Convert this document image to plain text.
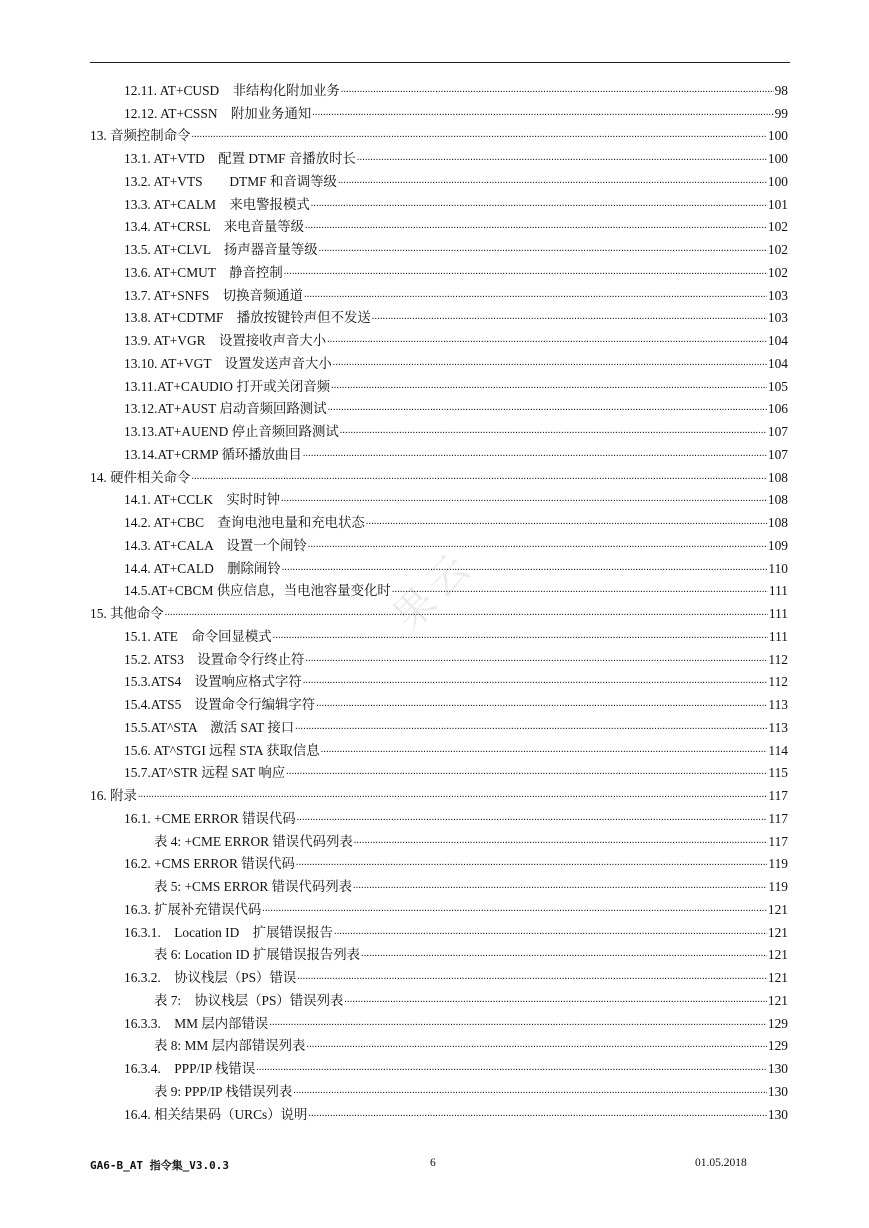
果云
12.11. AT+CUSD　非结构化附加业务 .....	98
12.12. AT+CSSN　附加业务通知 .....	99
13. 音频控制命令 .....	100
13.1. AT+VTD　配置 DTMF 音播放时长 .....	100
13.2. AT+VTS　　DTMF 和音调等级 .....	100
13.3. AT+CALM　来电警报模式 .....	101
13.4. AT+CRSL　来电音量等级 .....	102
13.5. AT+CLVL　扬声器音量等级 .....	102
13.6. AT+CMUT　静音控制 .....	102
13.7. AT+SNFS　切换音频通道 .....	103
13.8. AT+CDTMF　播放按键铃声但不发送 .....	103
13.9. AT+VGR　设置接收声音大小 .....	104
13.10. AT+VGT　设置发送声音大小 .....	104
13.11.AT+CAUDIO 打开或关闭音频 .....	105
13.12.AT+AUST 启动音频回路测试 .....	106
13.13.AT+AUEND 停止音频回路测试 .....	107
13.14.AT+CRMP 循环播放曲目 .....	107
14. 硬件相关命令 .....	108
14.1. AT+CCLK　实时时钟 .....	108
14.2. AT+CBC　查询电池电量和充电状态 .....	108
14.3. AT+CALA　设置一个闹铃 .....	109
14.4. AT+CALD　删除闹铃 .....	110
14.5.AT+CBCM 供应信息，当电池容量变化时 .....	111
15. 其他命令 .....	111
15.1. ATE　命令回显模式 .....	111
15.2. ATS3　设置命令行终止符 .....	112
15.3.ATS4　设置响应格式字符 .....	112
15.4.ATS5　设置命令行编辑字符 .....	113
15.5.AT^STA　激活 SAT 接口 .....	113
15.6. AT^STGI 远程 STA 获取信息 .....	114
15.7.AT^STR 远程 SAT 响应 .....	115
16. 附录 .....	117
16.1. +CME ERROR 错误代码 .....	117
表 4: +CME ERROR 错误代码列表 .....	117
16.2. +CMS ERROR 错误代码 .....	119
表 5: +CMS ERROR 错误代码列表 .....	119
16.3. 扩展补充错误代码 .....	121
16.3.1.　Location ID　扩展错误报告 .....	121
表 6: Location ID 扩展错误报告列表 .....	121
16.3.2.　协议栈层（PS）错误 .....	121
表 7:　协议栈层（PS）错误列表 .....	121
16.3.3.　MM 层内部错误 .....	129
表 8: MM 层内部错误列表 .....	129
16.3.4.　PPP/IP 栈错误 .....	130
表 9: PPP/IP 栈错误列表 .....	130
16.4. 相关结果码（URCs）说明 .....	130
GA6-B_AT 指令集_V3.0.3	6	01.05.2018
